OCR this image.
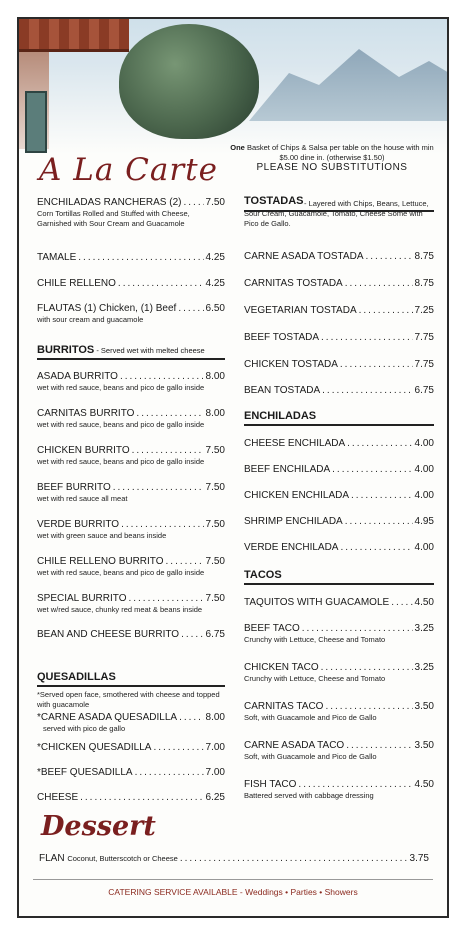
A La Carte
One Basket of Chips & Salsa per table on the house with min $5.00 dine in. (otherwise $1.50)
PLEASE NO SUBSTITUTIONS
ENCHILADAS RANCHERAS (2) ..... 7.50
Corn Tortillas Rolled and Stuffed with Cheese, Garnished with Sour Cream and Guacamole
TAMALE .....	4.25
CHILE RELLENO .....	4.25
FLAUTAS (1) Chicken, (1) Beef .....	6.50
with sour cream and guacamole
BURRITOS - Served wet with melted cheese
ASADA BURRITO .....	8.00
wet with red sauce, beans and pico de gallo inside
CARNITAS BURRITO .....	8.00
wet with red sauce, beans and pico de gallo inside
CHICKEN BURRITO .....	7.50
wet with red sauce, beans and pico de gallo inside
BEEF BURRITO .....	7.50
wet with red sauce all meat
VERDE BURRITO .....	7.50
wet with green sauce and beans inside
CHILE RELLENO BURRITO .....	7.50
wet with red sauce, beans and pico de gallo inside
SPECIAL BURRITO .....	7.50
wet w/red sauce, chunky red meat & beans inside
BEAN AND CHEESE BURRITO .....	6.75
QUESADILLAS
*Served open face, smothered with cheese and topped with guacamole
*CARNE ASADA QUESADILLA .....	8.00
served with pico de gallo
*CHICKEN QUESADILLA .....	7.00
*BEEF QUESADILLA .....	7.00
CHEESE .....	6.25
TOSTADAS - Layered with Chips, Beans, Lettuce, Sour Cream, Guacamole, Tomato, Cheese Some with Pico de Gallo.
CARNE ASADA TOSTADA .....	8.75
CARNITAS TOSTADA .....	8.75
VEGETARIAN TOSTADA .....	7.25
BEEF TOSTADA .....	7.75
CHICKEN TOSTADA .....	7.75
BEAN TOSTADA .....	6.75
ENCHILADAS
CHEESE ENCHILADA .....	4.00
BEEF ENCHILADA .....	4.00
CHICKEN ENCHILADA .....	4.00
SHRIMP ENCHILADA .....	4.95
VERDE ENCHILADA .....	4.00
TACOS
TAQUITOS WITH GUACAMOLE .....	4.50
BEEF TACO .....	3.25
Crunchy with Lettuce, Cheese and Tomato
CHICKEN TACO .....	3.25
Crunchy with Lettuce, Cheese and Tomato
CARNITAS TACO .....	3.50
Soft, with Guacamole and Pico de Gallo
CARNE ASADA TACO .....	3.50
Soft, with Guacamole and Pico de Gallo
FISH TACO .....	4.50
Battered served with cabbage dressing
Dessert
FLAN Coconut, Butterscotch or Cheese .....	3.75
CATERING SERVICE AVAILABLE - Weddings • Parties • Showers
